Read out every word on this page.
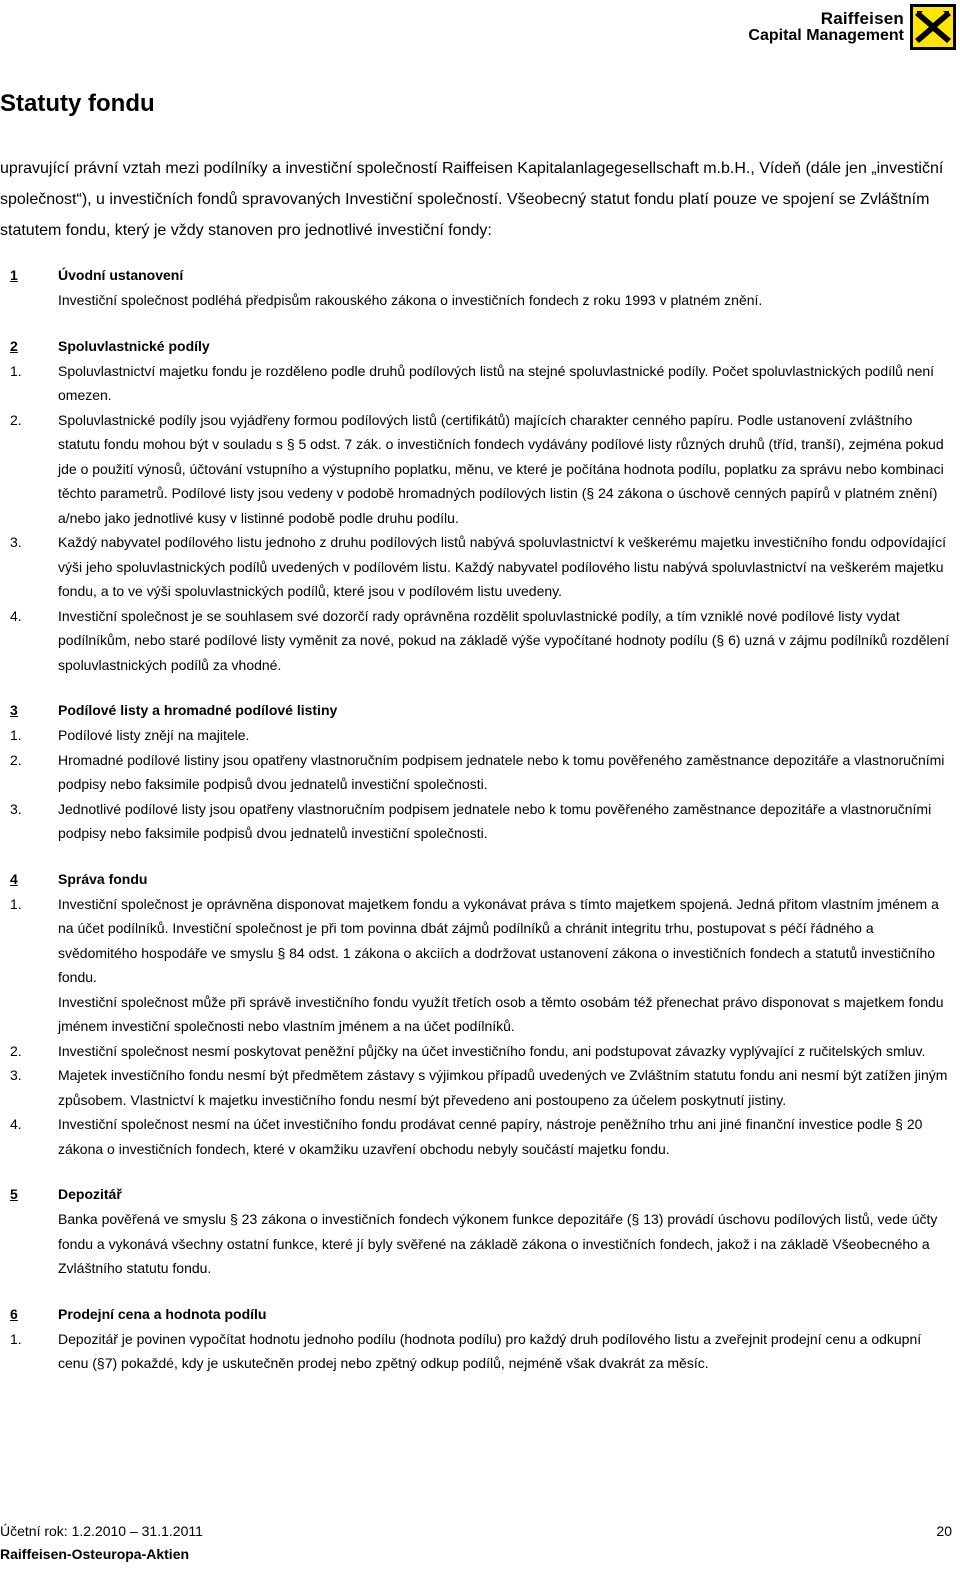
Raiffeisen
Capital Management
Statuty fondu

upravující právní vztah mezi podílníky a investiční společností Raiffeisen Kapitalanlagegesellschaft m.b.H., Vídeň (dále jen „investiční společnost“), u investičních fondů spravovaných Investiční společností. Všeobecný statut fondu platí pouze ve spojení se Zvláštním statutem fondu, který je vždy stanoven pro jednotlivé investiční fondy:

1	Úvodní ustanovení
Investiční společnost podléhá předpisům rakouského zákona o investičních fondech z roku 1993 v platném znění.
2	Spoluvlastnické podíly
1.	Spoluvlastnictví majetku fondu je rozděleno podle druhů podílových listů na stejné spoluvlastnické podíly. Počet spoluvlastnických podílů není omezen.
2.	Spoluvlastnické podíly jsou vyjádřeny formou podílových listů (certifikátů) majících charakter cenného papíru. Podle ustanovení zvláštního statutu fondu mohou být v souladu s § 5 odst. 7 zák. o investičních fondech vydávány podílové listy různých druhů (tříd, tranší), zejména pokud jde o použití výnosů, účtování vstupního a výstupního poplatku, měnu, ve které je počítána hodnota podílu, poplatku za správu nebo kombinaci těchto parametrů. Podílové listy jsou vedeny v podobě hromadných podílových listin (§ 24 zákona o úschově cenných papírů v platném znění) a/nebo jako jednotlivé kusy v listinné podobě podle druhu podílu.
3.	Každý nabyvatel podílového listu jednoho z druhu podílových listů nabývá spoluvlastnictví k veškerému majetku investičního fondu odpovídající výši jeho spoluvlastnických podílů uvedených v podílovém listu. Každý nabyvatel podílového listu nabývá spoluvlastnictví na veškerém majetku fondu, a to ve výši spoluvlastnických podílů, které jsou v podílovém listu uvedeny.
4.	Investiční společnost je se souhlasem své dozorčí rady oprávněna rozdělit spoluvlastnické podíly, a tím vzniklé nové podílové listy vydat podílníkům, nebo staré podílové listy vyměnit za nové, pokud na základě výše vypočítané hodnoty podílu (§ 6) uzná v zájmu podílníků rozdělení spoluvlastnických podílů za vhodné.
3	Podílové listy a hromadné podílové listiny
1.	Podílové listy znějí na majitele.
2.	Hromadné podílové listiny jsou opatřeny vlastnoručním podpisem jednatele nebo k tomu pověřeného zaměstnance depozitáře a vlastnoručními podpisy nebo faksimile podpisů dvou jednatelů investiční společnosti.
3.	Jednotlivé podílové listy jsou opatřeny vlastnoručním podpisem jednatele nebo k tomu pověřeného zaměstnance depozitáře a vlastnoručními podpisy nebo faksimile podpisů dvou jednatelů investiční společnosti.
4	Správa fondu
1.	Investiční společnost je oprávněna disponovat majetkem fondu a vykonávat práva s tímto majetkem spojená. Jedná přitom vlastním jménem a na účet podílníků. Investiční společnost je při tom povinna dbát zájmů podílníků a chránit integritu trhu, postupovat s péčí řádného a svědomitého hospodáře ve smyslu § 84 odst. 1 zákona o akciích a dodržovat ustanovení zákona o investičních fondech a statutů investičního fondu.
Investiční společnost může při správě investičního fondu využít třetích osob a těmto osobám též přenechat právo disponovat s majetkem fondu jménem investiční společnosti nebo vlastním jménem a na účet podílníků.
2.	Investiční společnost nesmí poskytovat peněžní půjčky na účet investičního fondu, ani podstupovat závazky vyplývající z ručitelských smluv.
3.	Majetek investičního fondu nesmí být předmětem zástavy s výjimkou případů uvedených ve Zvláštním statutu fondu ani nesmí být zatížen jiným způsobem. Vlastnictví k majetku investičního fondu nesmí být převedeno ani postoupeno za účelem poskytnutí jistiny.
4.	Investiční společnost nesmí na účet investičního fondu prodávat cenné papíry, nástroje peněžního trhu ani jiné finanční investice podle § 20 zákona o investičních fondech, které v okamžiku uzavření obchodu nebyly součástí majetku fondu.
5	Depozitář
Banka pověřená ve smyslu § 23 zákona o investičních fondech výkonem funkce depozitáře (§ 13) provádí úschovu podílových listů, vede účty fondu a vykonává všechny ostatní funkce, které jí byly svěřené na základě zákona o investičních fondech, jakož i na základě Všeobecného a Zvláštního statutu fondu.
6	Prodejní cena a hodnota podílu
1.	Depozitář je povinen vypočítat hodnotu jednoho podílu (hodnota podílu) pro každý druh podílového listu a zveřejnit prodejní cenu a odkupní cenu (§7) pokaždé, kdy je uskutečněn prodej nebo zpětný odkup podílů, nejméně však dvakrát za měsíc.
Účetní rok: 1.2.2010 – 31.1.2011	20
Raiffeisen-Osteuropa-Aktien
